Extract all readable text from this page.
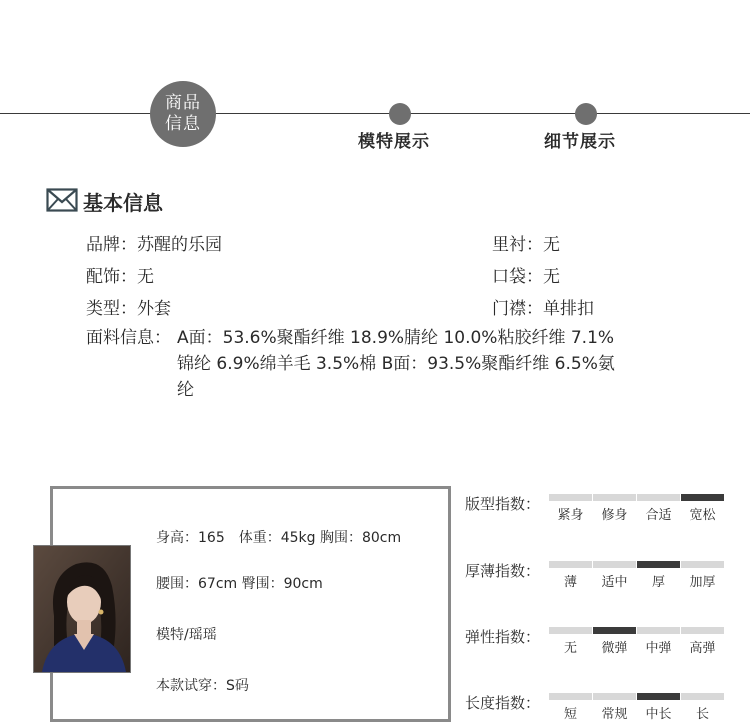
商品
信息
模特展示	细节展示
基本信息
品牌：苏醒的乐园	里衬：无
配饰：无	口袋：无
类型：外套	门襟：单排扣
面料信息： A面：53.6%聚酯纤维 18.9%腈纶 10.0%粘胶纤维 7.1%锦纶 6.9%绵羊毛 3.5%棉 B面：93.5%聚酯纤维 6.5%氨纶
身高：165　体重：45kg 胸围：80cm
腰围：67cm 臀围：90cm
模特/瑶瑶
本款试穿：S码
版型指数：
紧身	修身	合适	宽松
厚薄指数：
薄	适中	厚	加厚
弹性指数：
无	微弹	中弹	高弹
长度指数：
短	常规	中长	长
